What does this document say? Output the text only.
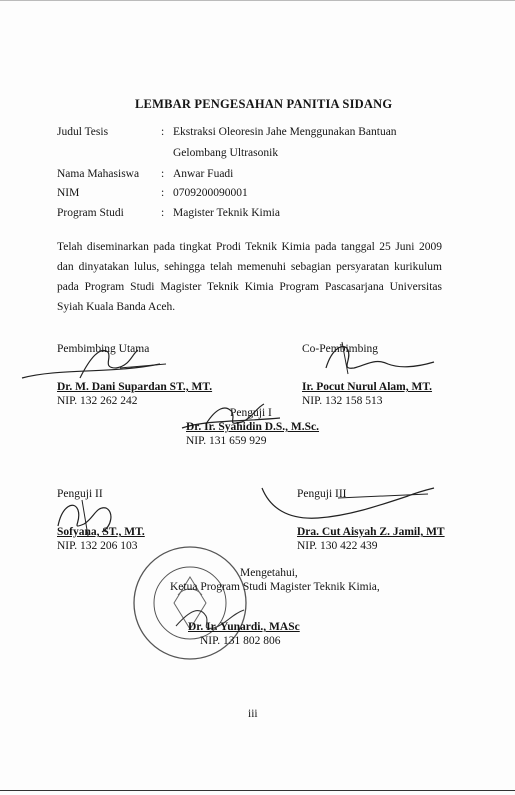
LEMBAR PENGESAHAN PANITIA SIDANG
Judul Tesis	: Ekstraksi Oleoresin Jahe Menggunakan Bantuan
Gelombang Ultrasonik
Nama Mahasiswa : Anwar Fuadi
NIM	: 0709200090001
Program Studi	: Magister Teknik Kimia
Telah diseminarkan pada tingkat Prodi Teknik Kimia pada tanggal 25 Juni 2009 dan dinyatakan lulus, sehingga telah memenuhi sebagian persyaratan kurikulum pada Program Studi Magister Teknik Kimia Program Pascasarjana Universitas Syiah Kuala Banda Aceh.
Pembimbing Utama
Dr. M. Dani Supardan ST., MT.
NIP. 132 262 242
Co-Pembimbing
Ir. Pocut Nurul Alam, MT.
NIP. 132 158 513
Penguji I
Dr. Ir. Syahidin D.S., M.Sc.
NIP. 131 659 929
Penguji II
Sofyana, ST., MT.
NIP. 132 206 103
Penguji III
Dra. Cut Aisyah Z. Jamil, MT
NIP. 130 422 439
Mengetahui,
Ketua Program Studi Magister Teknik Kimia,
Dr. Ir. Yunardi., MASc
NIP. 131 802 806
iii
